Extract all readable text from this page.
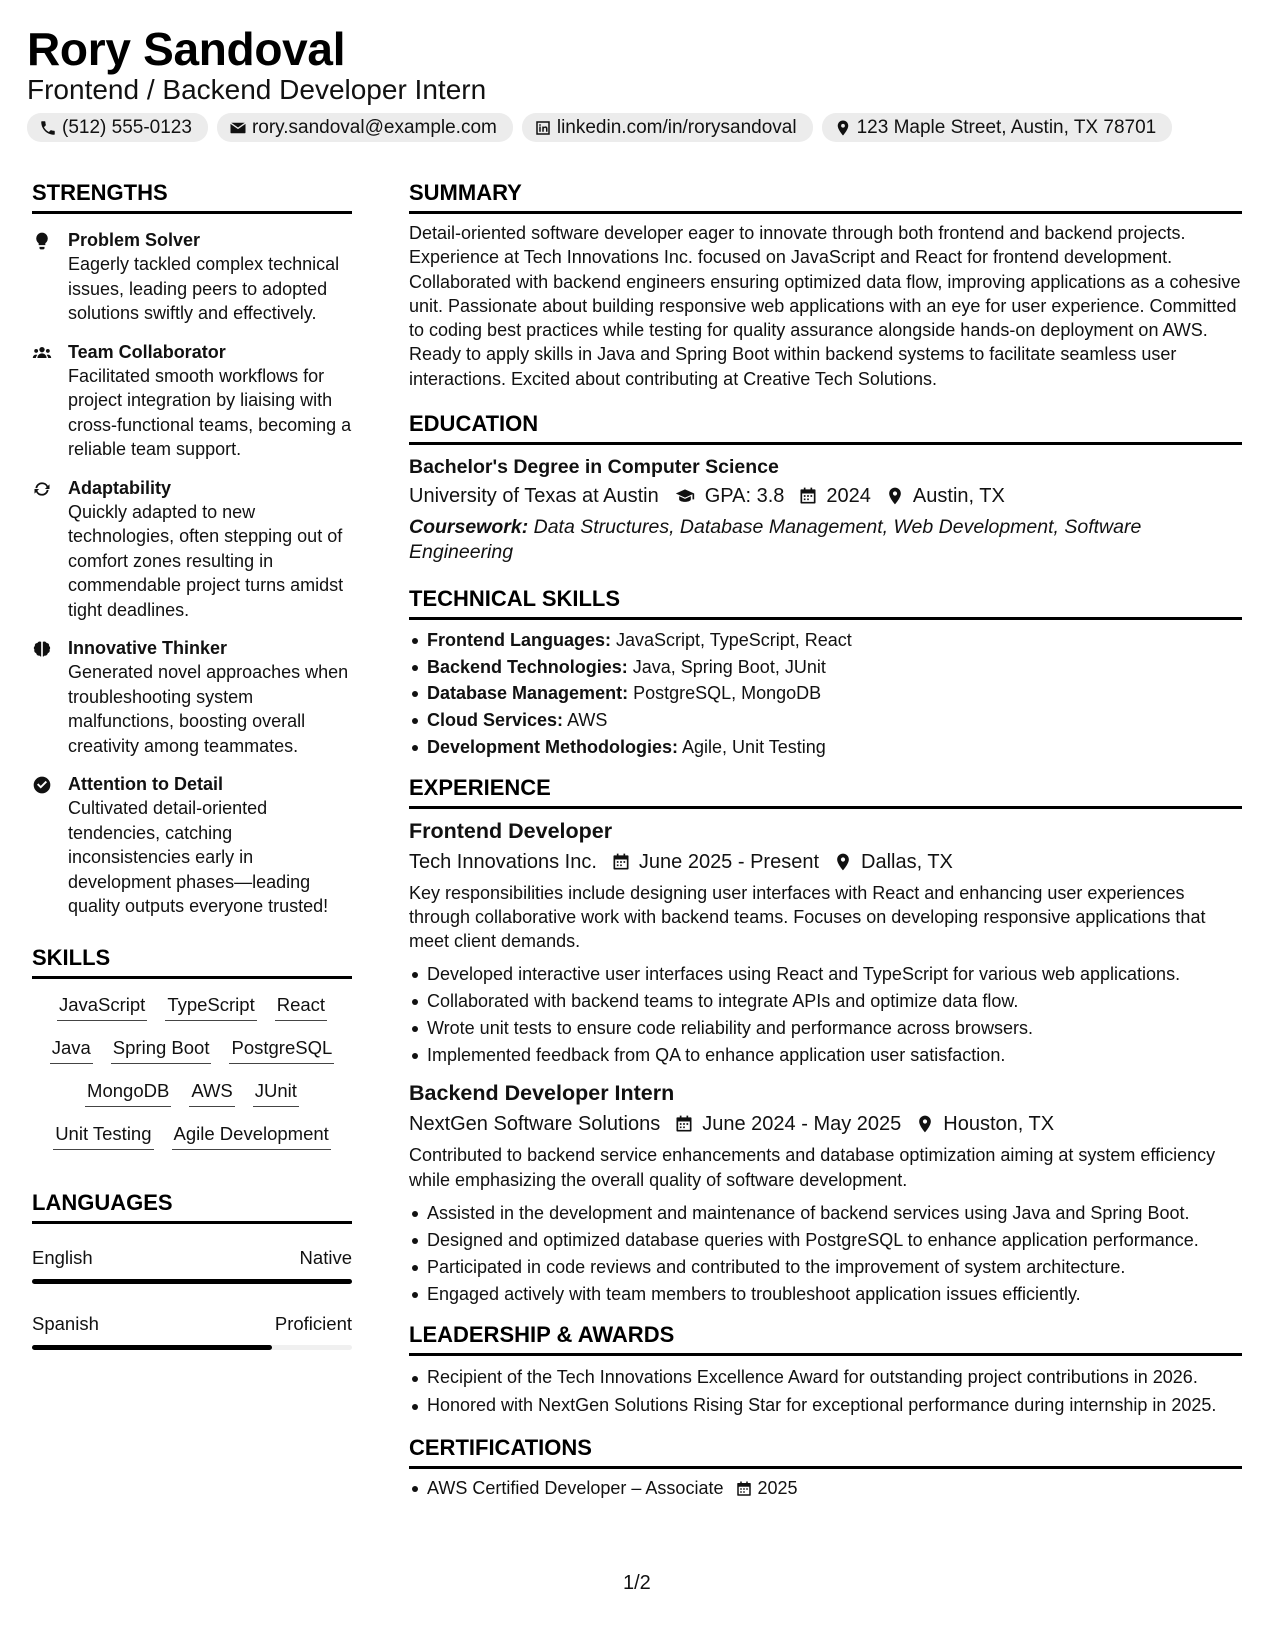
Rory Sandoval
Frontend / Backend Developer Intern
(512) 555-0123	rory.sandoval@example.com	linkedin.com/in/rorysandoval	123 Maple Street, Austin, TX 78701
STRENGTHS
Problem Solver
Eagerly tackled complex technical issues, leading peers to adopted solutions swiftly and effectively.
Team Collaborator
Facilitated smooth workflows for project integration by liaising with cross-functional teams, becoming a reliable team support.
Adaptability
Quickly adapted to new technologies, often stepping out of comfort zones resulting in commendable project turns amidst tight deadlines.
Innovative Thinker
Generated novel approaches when troubleshooting system malfunctions, boosting overall creativity among teammates.
Attention to Detail
Cultivated detail-oriented tendencies, catching inconsistencies early in development phases—leading quality outputs everyone trusted!
SKILLS
JavaScript TypeScript React
Java Spring Boot PostgreSQL
MongoDB AWS JUnit
Unit Testing Agile Development
LANGUAGES
English	Native
Spanish	Proficient
SUMMARY
Detail-oriented software developer eager to innovate through both frontend and backend projects. Experience at Tech Innovations Inc. focused on JavaScript and React for frontend development. Collaborated with backend engineers ensuring optimized data flow, improving applications as a cohesive unit. Passionate about building responsive web applications with an eye for user experience. Committed to coding best practices while testing for quality assurance alongside hands-on deployment on AWS. Ready to apply skills in Java and Spring Boot within backend systems to facilitate seamless user interactions. Excited about contributing at Creative Tech Solutions.
EDUCATION
Bachelor's Degree in Computer Science
University of Texas at Austin GPA: 3.8 2024 Austin, TX
Coursework: Data Structures, Database Management, Web Development, Software Engineering
TECHNICAL SKILLS
Frontend Languages: JavaScript, TypeScript, React
Backend Technologies: Java, Spring Boot, JUnit
Database Management: PostgreSQL, MongoDB
Cloud Services: AWS
Development Methodologies: Agile, Unit Testing
EXPERIENCE
Frontend Developer
Tech Innovations Inc. June 2025 - Present Dallas, TX
Key responsibilities include designing user interfaces with React and enhancing user experiences through collaborative work with backend teams. Focuses on developing responsive applications that meet client demands.
Developed interactive user interfaces using React and TypeScript for various web applications.
Collaborated with backend teams to integrate APIs and optimize data flow.
Wrote unit tests to ensure code reliability and performance across browsers.
Implemented feedback from QA to enhance application user satisfaction.
Backend Developer Intern
NextGen Software Solutions June 2024 - May 2025 Houston, TX
Contributed to backend service enhancements and database optimization aiming at system efficiency while emphasizing the overall quality of software development.
Assisted in the development and maintenance of backend services using Java and Spring Boot.
Designed and optimized database queries with PostgreSQL to enhance application performance.
Participated in code reviews and contributed to the improvement of system architecture.
Engaged actively with team members to troubleshoot application issues efficiently.
LEADERSHIP & AWARDS
Recipient of the Tech Innovations Excellence Award for outstanding project contributions in 2026.
Honored with NextGen Solutions Rising Star for exceptional performance during internship in 2025.
CERTIFICATIONS
AWS Certified Developer – Associate 2025
1/2
